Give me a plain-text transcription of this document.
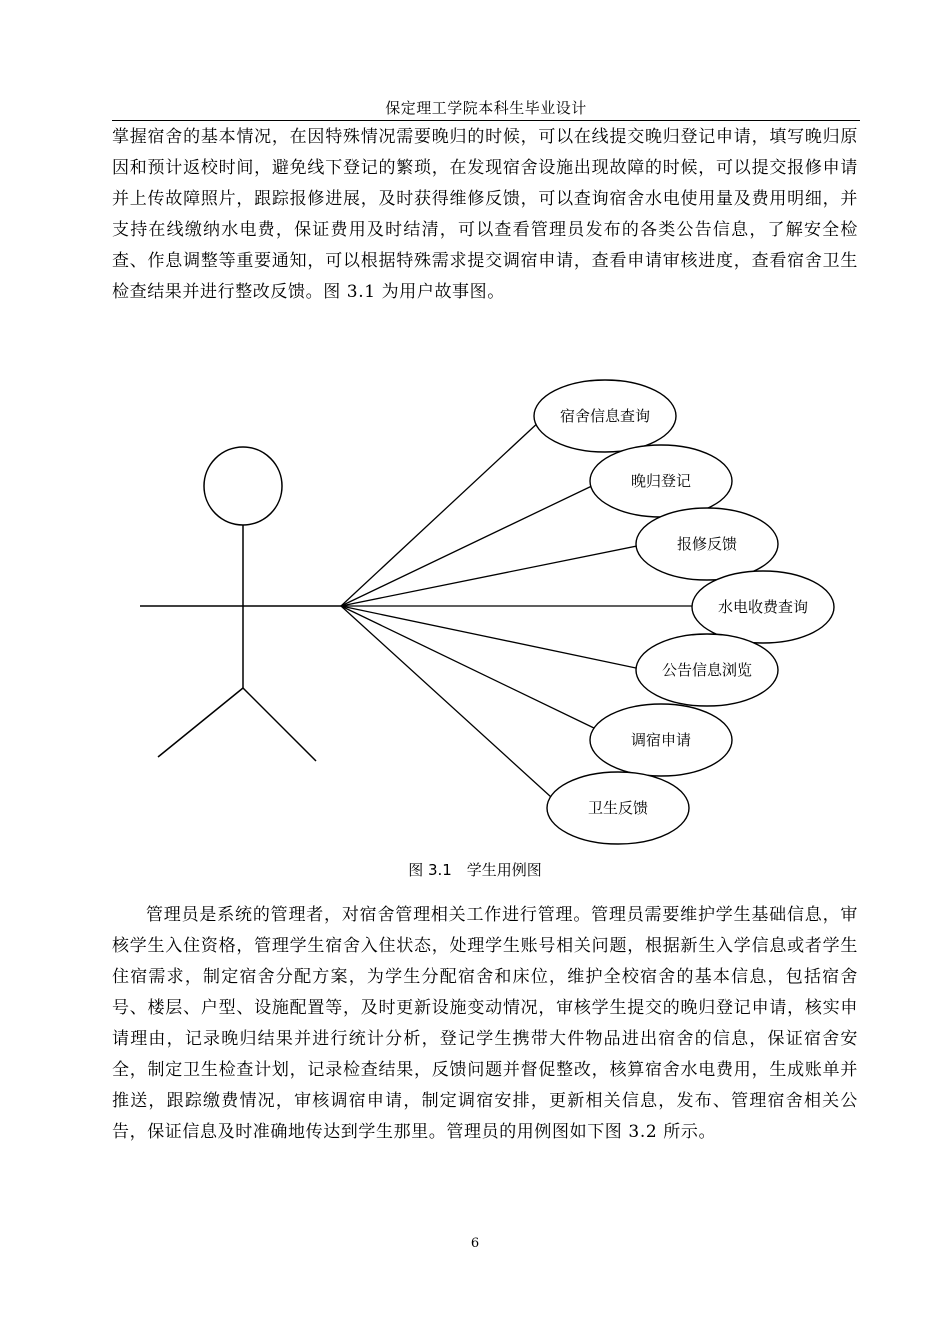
保定理工学院本科生毕业设计

掌握宿舍的基本情况，在因特殊情况需要晚归的时候，可以在线提交晚归登记申请，填写晚归原因和预计返校时间，避免线下登记的繁琐，在发现宿舍设施出现故障的时候，可以提交报修申请并上传故障照片，跟踪报修进展，及时获得维修反馈，可以查询宿舍水电使用量及费用明细，并支持在线缴纳水电费，保证费用及时结清，可以查看管理员发布的各类公告信息，了解安全检查、作息调整等重要通知，可以根据特殊需求提交调宿申请，查看申请审核进度，查看宿舍卫生检查结果并进行整改反馈。图 3.1 为用户故事图。

宿舍信息查询
晚归登记
报修反馈
水电收费查询
公告信息浏览
调宿申请
卫生反馈
图 3.1　学生用例图

管理员是系统的管理者，对宿舍管理相关工作进行管理。管理员需要维护学生基础信息，审核学生入住资格，管理学生宿舍入住状态，处理学生账号相关问题，根据新生入学信息或者学生住宿需求，制定宿舍分配方案，为学生分配宿舍和床位，维护全校宿舍的基本信息，包括宿舍号、楼层、户型、设施配置等，及时更新设施变动情况，审核学生提交的晚归登记申请，核实申请理由，记录晚归结果并进行统计分析，登记学生携带大件物品进出宿舍的信息，保证宿舍安全，制定卫生检查计划，记录检查结果，反馈问题并督促整改，核算宿舍水电费用，生成账单并推送，跟踪缴费情况，审核调宿申请，制定调宿安排，更新相关信息，发布、管理宿舍相关公告，保证信息及时准确地传达到学生那里。管理员的用例图如下图 3.2 所示。

6
